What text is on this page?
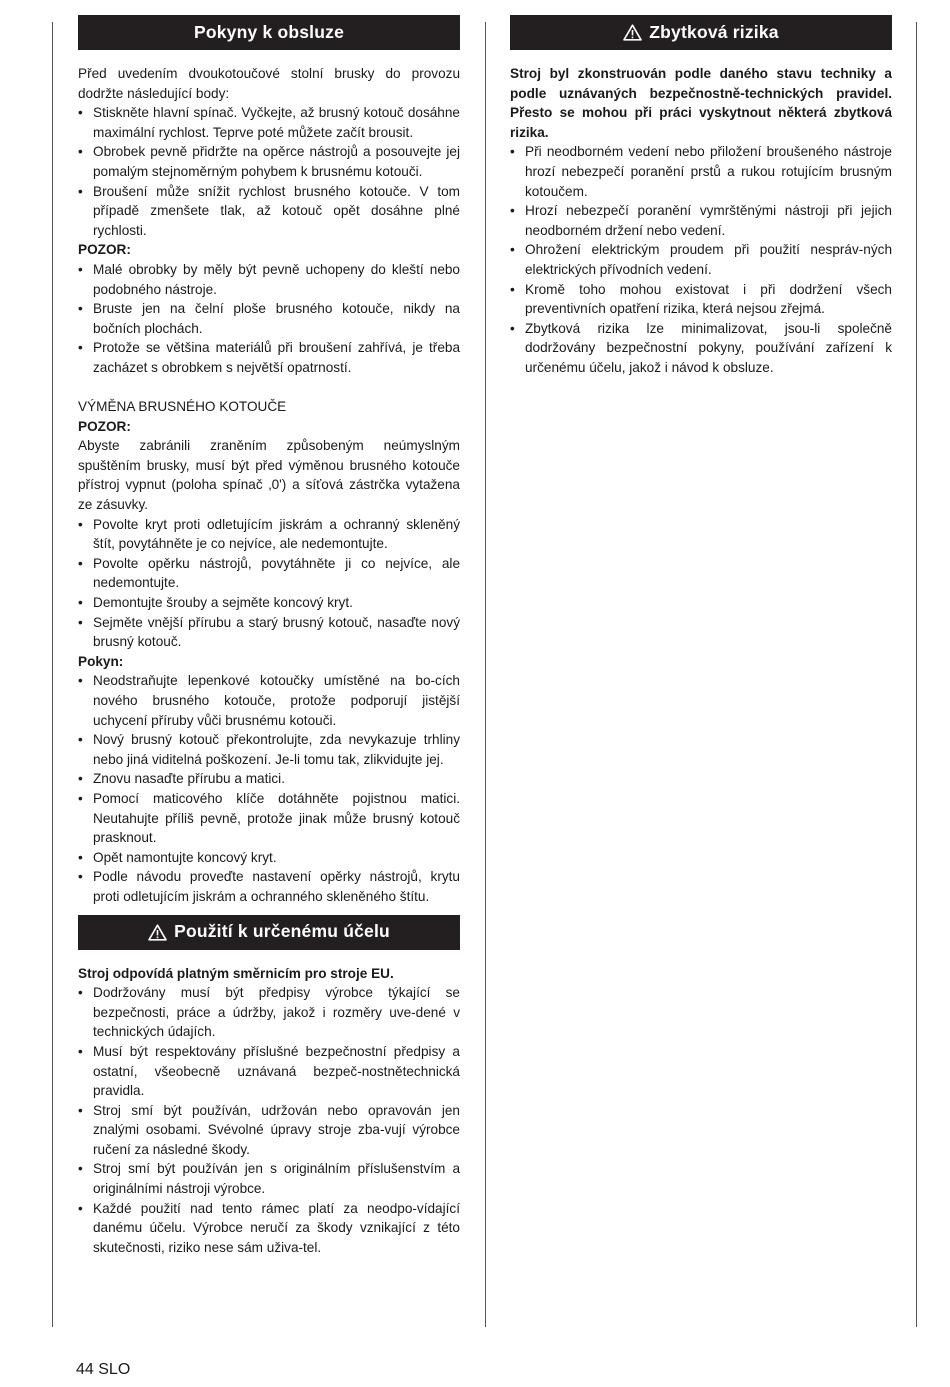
Pokyny k obsluze

Před uvedením dvoukotoučové stolní brusky do provozu dodržte následující body:

• Stiskněte hlavní spínač. Vyčkejte, až brusný kotouč dosáhne maximální rychlost. Teprve poté můžete začít brousit.
• Obrobek pevně přidržte na opěrce nástrojů a posouvejte jej pomalým stejnoměrným pohybem k brusnému kotouči.
• Broušení může snížit rychlost brusného kotouče. V tom případě zmenšete tlak, až kotouč opět dosáhne plné rychlosti.

POZOR:

• Malé obrobky by měly být pevně uchopeny do kleští nebo podobného nástroje.
• Bruste jen na čelní ploše brusného kotouče, nikdy na bočních plochách.
• Protože se většina materiálů při broušení zahřívá, je třeba zacházet s obrobkem s největší opatrností.

VÝMĚNA BRUSNÉHO KOTOUČE

POZOR:

Abyste zabránili zraněním způsobeným neúmyslným spuštěním brusky, musí být před výměnou brusného kotouče přístroj vypnut (poloha spínač ‚0') a síťová zástrčka vytažena ze zásuvky.

• Povolte kryt proti odletujícím jiskrám a ochranný skleněný štít, povytáhněte je co nejvíce, ale nedemontujte.
• Povolte opěrku nástrojů, povytáhněte ji co nejvíce, ale nedemontujte.
• Demontujte šrouby a sejměte koncový kryt.
• Sejměte vnější přírubu a starý brusný kotouč, nasaďte nový brusný kotouč.

Pokyn:

• Neodstraňujte lepenkové kotoučky umístěné na bo-cích nového brusného kotouče, protože podporují jistější uchycení příruby vůči brusnému kotouči.
• Nový brusný kotouč překontrolujte, zda nevykazuje trhliny nebo jiná viditelná poškození. Je-li tomu tak, zlikvidujte jej.
• Znovu nasaďte přírubu a matici.
• Pomocí maticového klíče dotáhněte pojistnou matici. Neutahujte příliš pevně, protože jinak může brusný kotouč prasknout.
• Opět namontujte koncový kryt.
• Podle návodu proveďte nastavení opěrky nástrojů, krytu proti odletujícím jiskrám a ochranného skleněného štítu.
Použití k určenému účelu

Stroj odpovídá platným směrnicím pro stroje EU.

• Dodržovány musí být předpisy výrobce týkající se bezpečnosti, práce a údržby, jakož i rozměry uve-dené v technických údajích.
• Musí být respektovány příslušné bezpečnostní předpisy a ostatní, všeobecně uznávaná bezpeč-nostnětechnická pravidla.
• Stroj smí být používán, udržován nebo opravován jen znalými osobami. Svévolné úpravy stroje zba-vují výrobce ručení za následné škody.
• Stroj smí být používán jen s originálním příslušenstvím a originálními nástroji výrobce.
• Každé použití nad tento rámec platí za neodpo-vídající danému účelu. Výrobce neručí za škody vznikající z této skutečnosti, riziko nese sám uživa-tel.
Zbytková rizika

Stroj byl zkonstruován podle daného stavu techniky a podle uznávaných bezpečnostně-technických pravidel. Přesto se mohou při práci vyskytnout některá zbytková rizika.

• Při neodborném vedení nebo přiložení broušeného nástroje hrozí nebezpečí poranění prstů a rukou rotujícím brusným kotoučem.
• Hrozí nebezpečí poranění vymrštěnými nástroji při jejich neodborném držení nebo vedení.
• Ohrožení elektrickým proudem při použití nespráv-ných elektrických přívodních vedení.
• Kromě toho mohou existovat i při dodržení všech preventivních opatření rizika, která nejsou zřejmá.
• Zbytková rizika lze minimalizovat, jsou-li společně dodržovány bezpečnostní pokyny, používání zařízení k určenému účelu, jakož i návod k obsluze.
44 SLO
